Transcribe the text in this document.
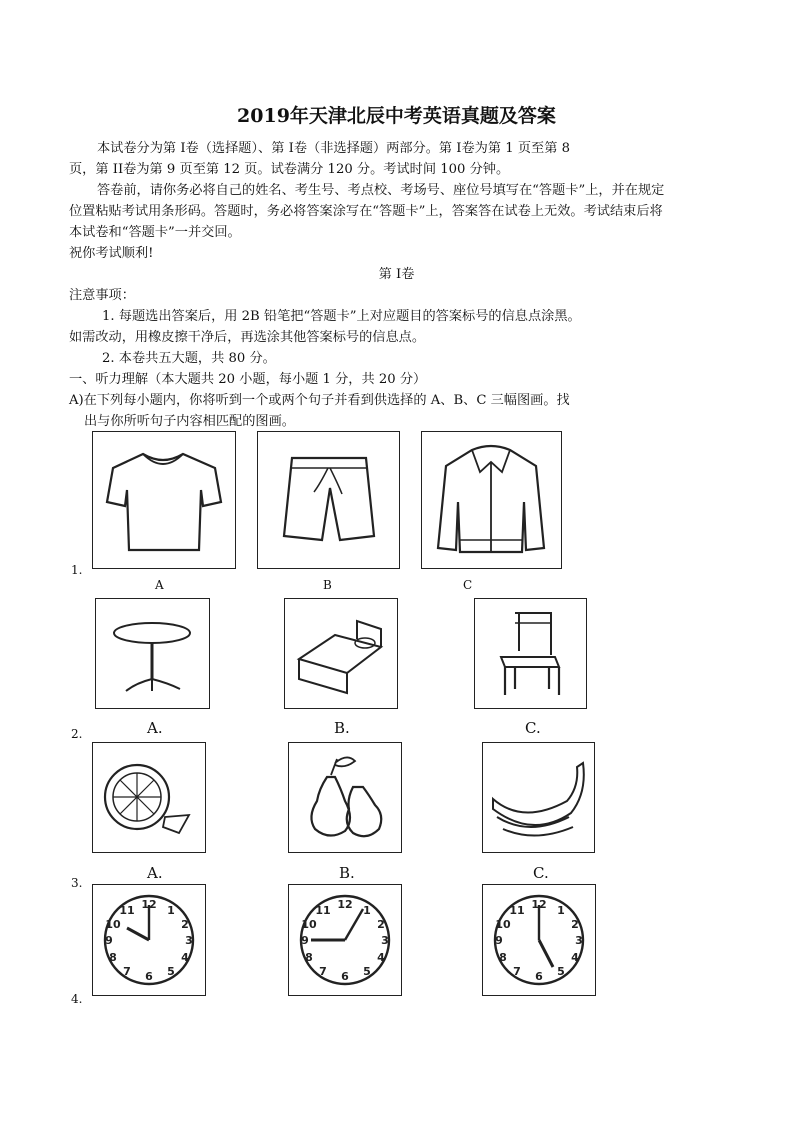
2019年天津北辰中考英语真题及答案
本试卷分为第 I卷（选择题）、第 I卷（非选择题）两部分。第 I卷为第 1 页至第 8
页，第 II卷为第 9 页至第 12 页。试卷满分 120 分。考试时间 100 分钟。
答卷前，请你务必将自己的姓名、考生号、考点校、考场号、座位号填写在“答题卡”上，并在规定
位置粘贴考试用条形码。答题时，务必将答案涂写在“答题卡”上，答案答在试卷上无效。考试结束后将
本试卷和“答题卡”一并交回。
祝你考试顺利!
第 I卷
注意事项：
1. 每题选出答案后，用 2B 铅笔把“答题卡”上对应题目的答案标号的信息点涂黑。
如需改动，用橡皮擦干净后，再选涂其他答案标号的信息点。
2. 本卷共五大题，共 80 分。
一、听力理解（本大题共 20 小题，每小题 1 分，共 20 分）
A)在下列每小题内，你将听到一个或两个句子并看到供选择的 A、B、C 三幅图画。找
出与你所听句子内容相匹配的图画。
1.
A	B	C
2.	A.	B.	C.
3.
A.	B.	C.
4.
12 1
2
3
4
5
6
7
8
9
10
11	12 1
2
3
4
5
6
7
8
9
10
11	12 1
2
3
4
5
6
7
8
9
10
11
